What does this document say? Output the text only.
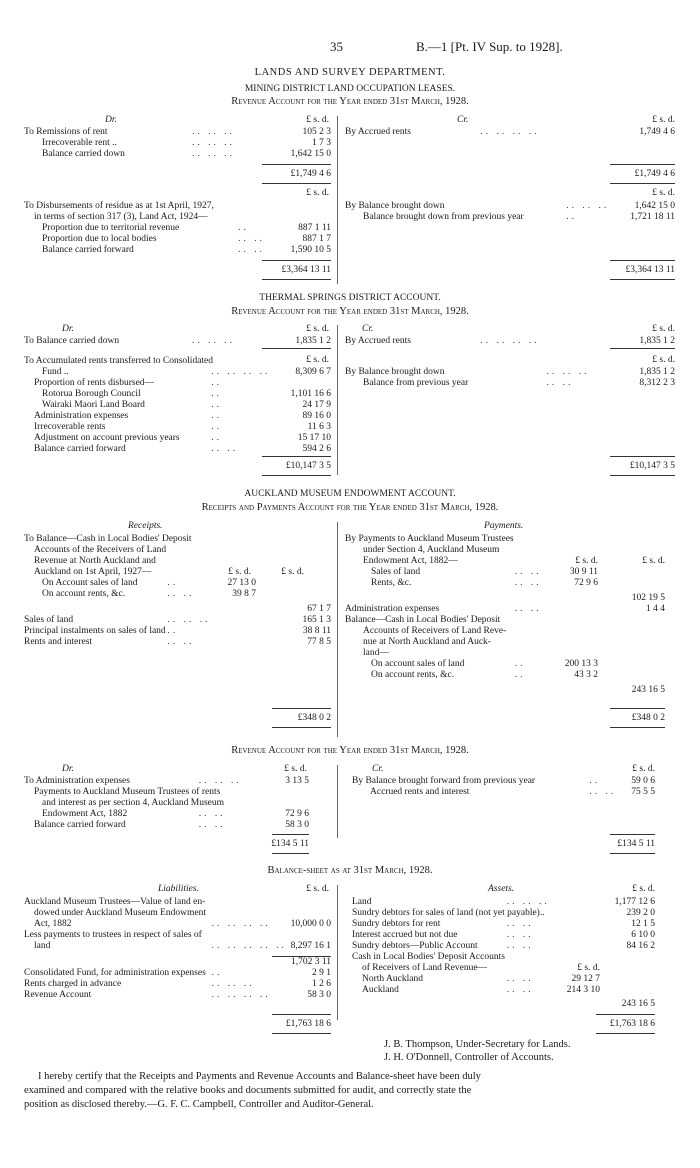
35	B.—1 [Pt. IV Sup. to 1928].
LANDS AND SURVEY DEPARTMENT.
MINING DISTRICT LAND OCCUPATION LEASES.
Revenue Account for the Year ended 31st March, 1928.
Dr.	Cr.
£ s. d.	£ s. d.
To Remissions of rent	.. .. ..	105 2 3
Irrecoverable rent ..	.. .. ..	1 7 3
Balance carried down	.. .. ..	1,642 15 0
By Accrued rents	.. .. .. ..	1,749 4 6
£1,749 4 6	£1,749 4 6
£ s. d.	£ s. d.
To Disbursements of residue as at 1st April, 1927,		
in terms of section 317 (3), Land Act, 1924—		
Proportion due to territorial revenue	..	887 1 11
Proportion due to local bodies	.. ..	887 1 7
Balance carried forward	.. ..	1,590 10 5
By Balance brought down	.. .. ..	1,642 15 0
Balance brought down from previous year	..	1,721 18 11
£3,364 13 11	£3,364 13 11
THERMAL SPRINGS DISTRICT ACCOUNT.
Revenue Account for the Year ended 31st March, 1928.
Dr.	Cr.
£ s. d.	£ s. d.
To Balance carried down	.. .. ..	1,835 1 2 By Accrued rents	.. .. .. ..	1,835 1 2
£ s. d.	£ s. d.
To Accumulated rents transferred to Consolidated		
Fund ..	.. .. .. ..	8,309 6 7
Proportion of rents disbursed—	..	
Rotorua Borough Council	..	1,101 16 6
Wairaki Maori Land Board	..	24 17 9
Administration expenses	..	89 16 0
Irrecoverable rents	..	11 6 3
Adjustment on account previous years	..	15 17 10
Balance carried forward	.. ..	594 2 6
By Balance brought down	.. .. ..	1,835 1 2
Balance from previous year	.. ..	8,312 2 3
£10,147 3 5	£10,147 3 5
AUCKLAND MUSEUM ENDOWMENT ACCOUNT.
Receipts and Payments Account for the Year ended 31st March, 1928.
Receipts.	Payments.
£ s. d.	£ s. d.
£ s. d.	£ s. d.
To Balance—Cash in Local Bodies' Deposit			
Accounts of the Receivers of Land			
Revenue at North Auckland and			
Auckland on 1st April, 1927—			
On Account sales of land	..	27 13 0	
On account rents, &c.	.. ..	39 8 7	
			67 1 7
Sales of land	.. .. ..		165 1 3
Principal instalments on sales of land	..		38 8 11
Rents and interest	.. ..		77 8 5
By Payments to Auckland Museum Trustees			
under Section 4, Auckland Museum			
Endowment Act, 1882—			
Sales of land	.. ..	30 9 11	
Rents, &c.	.. ..	72 9 6	
			102 19 5
Administration expenses	.. ..		1 4 4
Balance—Cash in Local Bodies' Deposit			
Accounts of Receivers of Land Reve-			
nue at North Auckland and Auck-			
land—			
On account sales of land	..	200 13 3	
On account rents, &c.	..	43 3 2	
			243 16 5
£348 0 2	£348 0 2
Revenue Account for the Year ended 31st March, 1928.
Dr.	Cr.
£ s. d.	£ s. d.
To Administration expenses	.. .. ..	3 13 5
Payments to Auckland Museum Trustees of rents		
and interest as per section 4, Auckland Museum		
Endowment Act, 1882	.. ..	72 9 6
Balance carried forward	.. ..	58 3 0
By Balance brought forward from previous year	..	59 0 6
Accrued rents and interest	.. ..	75 5 5
£134 5 11	£134 5 11
Balance-sheet as at 31st March, 1928.
Liabilities.	Assets.
£ s. d.	£ s. d.
Auckland Museum Trustees—Value of land en-		
dowed under Auckland Museum Endowment		
Act, 1882	.. .. .. ..	10,000 0 0
Less payments to trustees in respect of sales of		
land	.. .. .. .. ..	8,297 16 1
		1,702 3 11
Consolidated Fund, for administration expenses	..	2 9 1
Rents charged in advance	.. .. ..	1 2 6
Revenue Account	.. .. .. ..	58 3 0
Land	.. .. ..		1,177 12 6
Sundry debtors for sales of land (not yet payable)..			239 2 0
Sundry debtors for rent	.. ..		12 1 5
Interest accrued but not due	.. ..		6 10 0
Sundry debtors—Public Account	.. ..		84 16 2
Cash in Local Bodies' Deposit Accounts			
of Receivers of Land Revenue—		£ s. d.	
North Auckland	.. ..	29 12 7	
Auckland	.. ..	214 3 10	
			243 16 5
£1,763 18 6	£1,763 18 6
J. B. Thompson, Under-Secretary for Lands.
J. H. O'Donnell, Controller of Accounts.
I hereby certify that the Receipts and Payments and Revenue Accounts and Balance-sheet have been duly
examined and compared with the relative books and documents submitted for audit, and correctly state the
position as disclosed thereby.—G. F. C. Campbell, Controller and Auditor-General.
